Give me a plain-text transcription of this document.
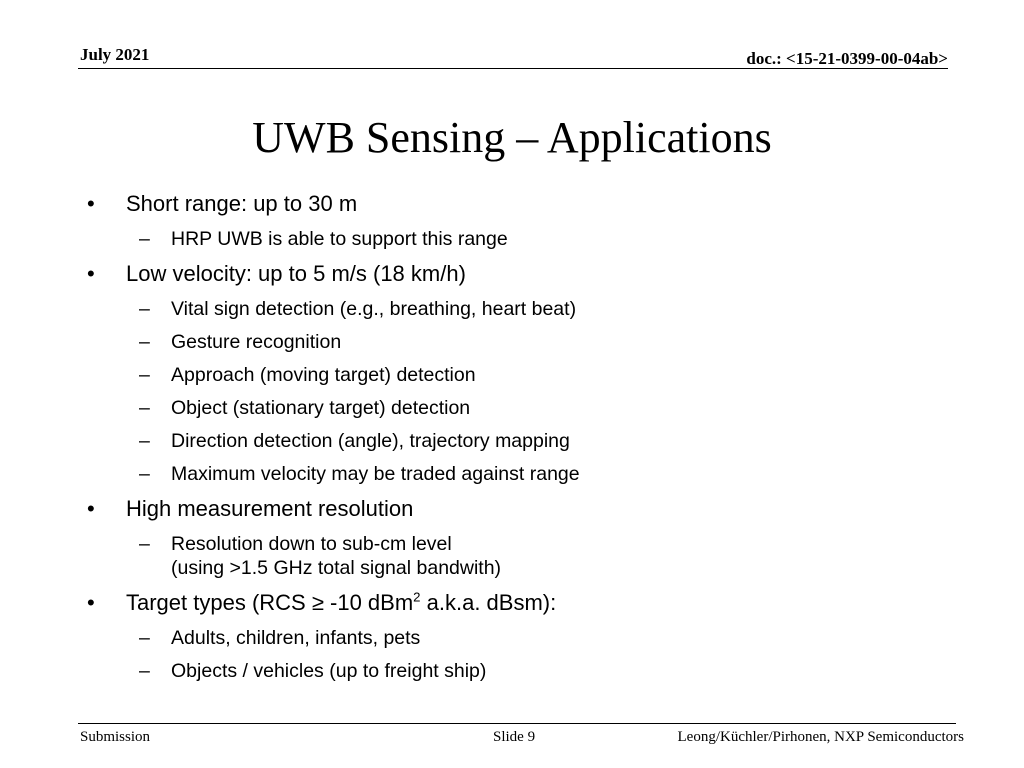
July 2021	doc.: <15-21-0399-00-04ab>
UWB Sensing – Applications
• Short range: up to 30 m
– HRP UWB is able to support this range
• Low velocity: up to 5 m/s (18 km/h)
– Vital sign detection (e.g., breathing, heart beat)
– Gesture recognition
– Approach (moving target) detection
– Object (stationary target) detection
– Direction detection (angle), trajectory mapping
– Maximum velocity may be traded against range
• High measurement resolution
– Resolution down to sub-cm level
(using >1.5 GHz total signal bandwith)
• Target types (RCS ≥ -10 dBm$^2$ a.k.a. dBsm):
– Adults, children, infants, pets
– Objects / vehicles (up to freight ship)
Submission	Slide 9	Leong/Küchler/Pirhonen, NXP Semiconductors
